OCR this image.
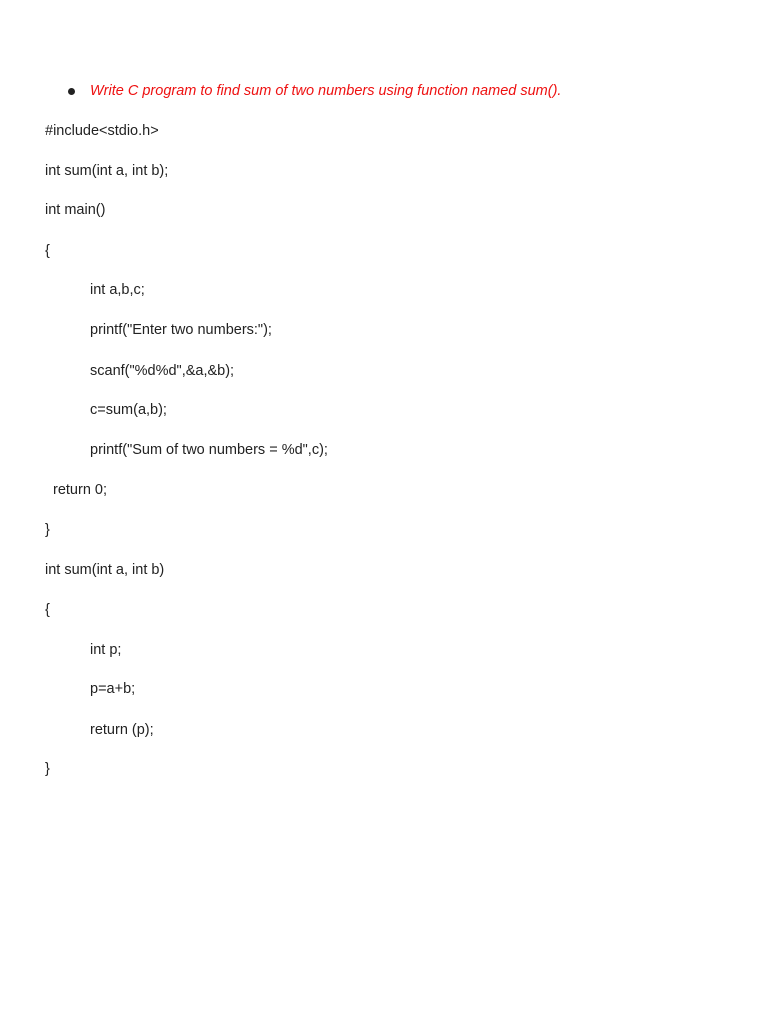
Write C program to find sum of two numbers using function named sum().
#include<stdio.h>
int sum(int a, int b);
int main()
{
int a,b,c;
printf("Enter two numbers:");
scanf("%d%d",&a,&b);
c=sum(a,b);
printf("Sum of two numbers = %d",c);
return 0;
}
int sum(int a, int b)
{
int p;
p=a+b;
return (p);
}
